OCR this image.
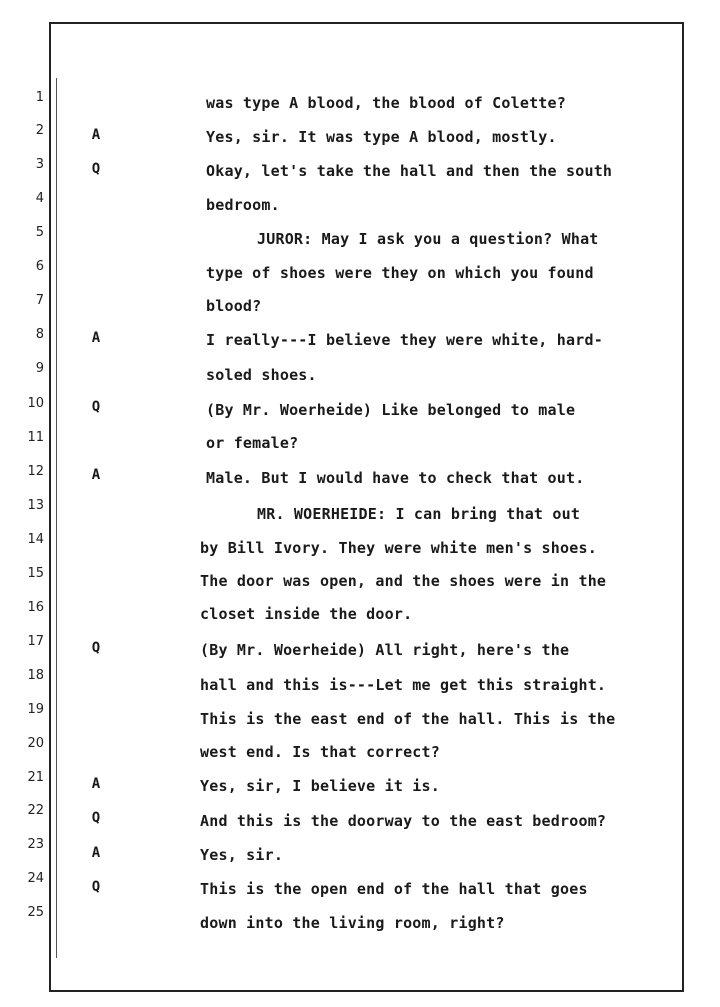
1
2
3
4
5
6
7
8
9
10
11
12
13
14
15
16
17
18
19
20
21
22
23
24
25
A
Q
A
Q
A
Q
A
Q
A
Q
was type A blood, the blood of Colette?
Yes, sir. It was type A blood, mostly.
Okay, let's take the hall and then the south
bedroom.
JUROR: May I ask you a question? What
type of shoes were they on which you found
blood?
I really---I believe they were white, hard-
soled shoes.
(By Mr. Woerheide) Like belonged to male
or female?
Male. But I would have to check that out.
MR. WOERHEIDE: I can bring that out
by Bill Ivory. They were white men's shoes.
The door was open, and the shoes were in the
closet inside the door.
(By Mr. Woerheide) All right, here's the
hall and this is---Let me get this straight.
This is the east end of the hall. This is the
west end. Is that correct?
Yes, sir, I believe it is.
And this is the doorway to the east bedroom?
Yes, sir.
This is the open end of the hall that goes
down into the living room, right?
